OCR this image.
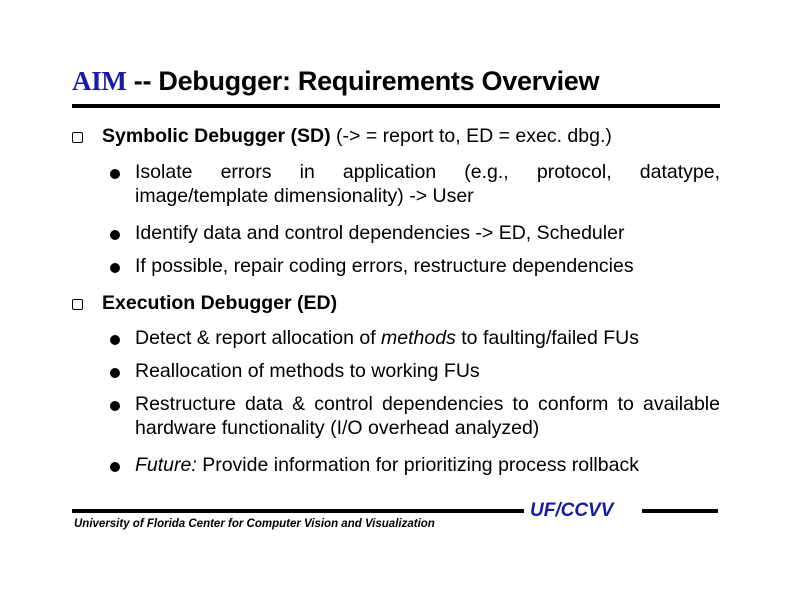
AIM -- Debugger: Requirements Overview
Symbolic Debugger (SD) (-> = report to, ED = exec. dbg.)
Isolate errors in application (e.g., protocol, datatype, image/template dimensionality) -> User
Identify data and control dependencies -> ED, Scheduler
If possible, repair coding errors, restructure dependencies
Execution Debugger (ED)
Detect & report allocation of methods to faulting/failed FUs
Reallocation of methods to working FUs
Restructure data & control dependencies to conform to available hardware functionality (I/O overhead analyzed)
Future: Provide information for prioritizing process rollback
University of Florida Center for Computer Vision and Visualization
UF/CCVV
